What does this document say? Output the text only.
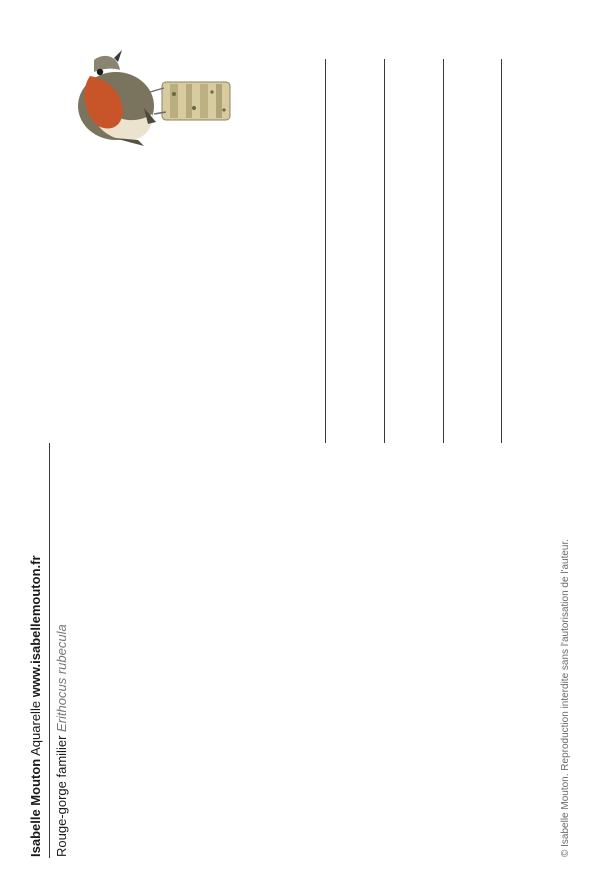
Isabelle Mouton Aquarelle www.isabellemouton.fr
Rouge-gorge familier Erithocus rubecula	© Isabelle Mouton. Reproduction interdite sans l'autorisation de l'auteur.
